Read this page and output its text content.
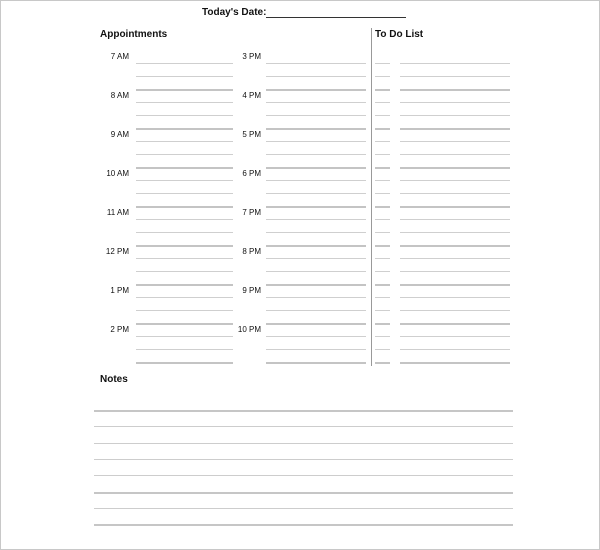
Today's Date:
Appointments	To Do List
7 AM
8 AM
9 AM
10 AM
11 AM
12 PM
1 PM
2 PM
3 PM
4 PM
5 PM
6 PM
7 PM
8 PM
9 PM
10 PM
Notes
